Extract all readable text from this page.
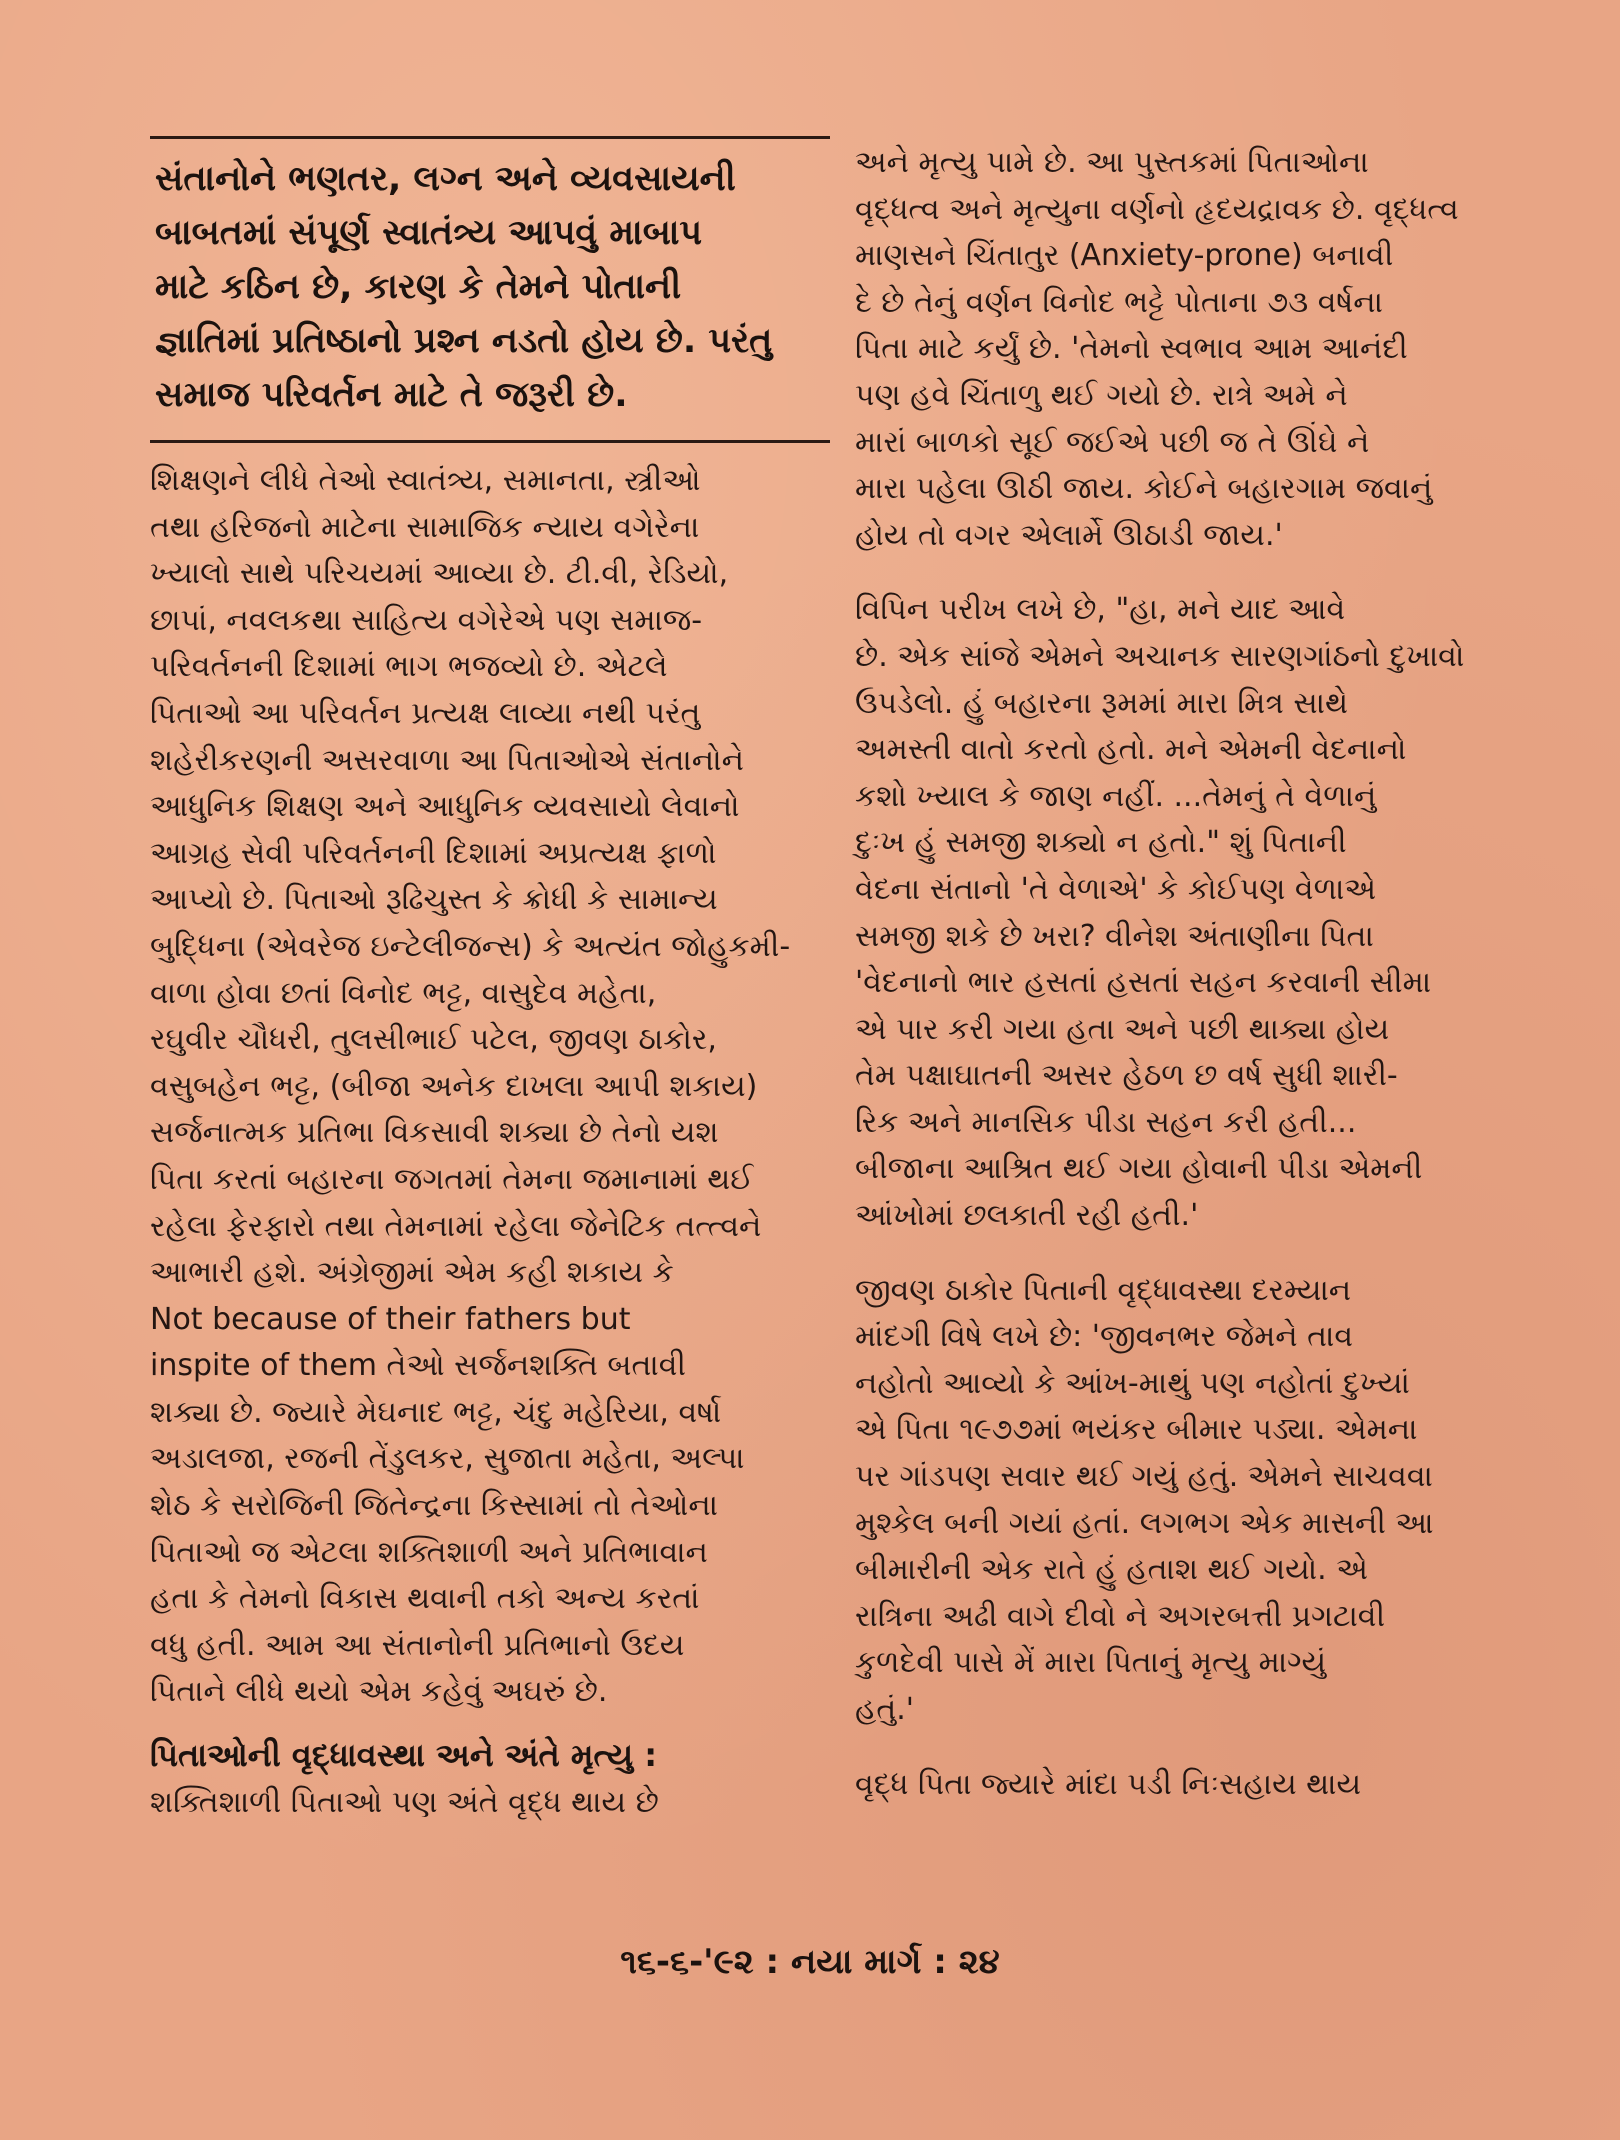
સંતાનોને ભણતર, લગ્ન અને વ્યવસાયની
બાબતમાં સંપૂર્ણ સ્વાતંત્ર્ય આપવું માબાપ
માટે કઠિન છે, કારણ કે તેમને પોતાની
જ્ઞાતિમાં પ્રતિષ્ઠાનો પ્રશ્ન નડતો હોય છે. પરંતુ
સમાજ પરિવર્તન માટે તે જરૂરી છે.

શિક્ષણને લીધે તેઓ સ્વાતંત્ર્ય, સમાનતા, સ્ત્રીઓ
તથા હરિજનો માટેના સામાજિક ન્યાય વગેરેના
ખ્યાલો સાથે પરિચયમાં આવ્યા છે. ટી.વી, રેડિયો,
છાપાં, નવલકથા સાહિત્ય વગેરેએ પણ સમાજ-
પરિવર્તનની દિશામાં ભાગ ભજવ્યો છે. એટલે
પિતાઓ આ પરિવર્તન પ્રત્યક્ષ લાવ્યા નથી પરંતુ
શહેરીકરણની અસરવાળા આ પિતાઓએ સંતાનોને
આધુનિક શિક્ષણ અને આધુનિક વ્યવસાયો લેવાનો
આગ્રહ સેવી પરિવર્તનની દિશામાં અપ્રત્યક્ષ ફાળો
આપ્યો છે. પિતાઓ રૂઢિચુસ્ત કે ક્રોધી કે સામાન્ય
બુદ્ધિના (એવરેજ ઇન્ટેલીજન્સ) કે અત્યંત જોહુકમી-
વાળા હોવા છતાં વિનોદ ભટ્ટ, વાસુદેવ મહેતા,
રઘુવીર ચૌધરી, તુલસીભાઈ પટેલ, જીવણ ઠાકોર,
વસુબહેન ભટ્ટ, (બીજા અનેક દાખલા આપી શકાય)
સર્જનાત્મક પ્રતિભા વિકસાવી શક્યા છે તેનો યશ
પિતા કરતાં બહારના જગતમાં તેમના જમાનામાં થઈ
રહેલા ફેરફારો તથા તેમનામાં રહેલા જેનેટિક તત્ત્વને
આભારી હશે. અંગ્રેજીમાં એમ કહી શકાય કે
Not because of their fathers but
inspite of them તેઓ સર્જનશક્તિ બતાવી
શક્યા છે. જ્યારે મેઘનાદ ભટ્ટ, ચંદુ મહેરિયા, વર્ષા
અડાલજા, રજની તેંડુલકર, સુજાતા મહેતા, અલ્પા
શેઠ કે સરોજિની જિતેન્દ્રના કિસ્સામાં તો તેઓના
પિતાઓ જ એટલા શક્તિશાળી અને પ્રતિભાવાન
હતા કે તેમનો વિકાસ થવાની તકો અન્ય કરતાં
વધુ હતી. આમ આ સંતાનોની પ્રતિભાનો ઉદય
પિતાને લીધે થયો એમ કહેવું અઘરું છે.

પિતાઓની વૃદ્ધાવસ્થા અને અંતે મૃત્યુ :

શક્તિશાળી પિતાઓ પણ અંતે વૃદ્ધ થાય છે

અને મૃત્યુ પામે છે. આ પુસ્તકમાં પિતાઓના
વૃદ્ધત્વ અને મૃત્યુના વર્ણનો હૃદયદ્રાવક છે. વૃદ્ધત્વ
માણસને ચિંતાતુર (Anxiety-prone) બનાવી
દે છે તેનું વર્ણન વિનોદ ભટ્ટે પોતાના ૭૩ વર્ષના
પિતા માટે કર્યું છે. 'તેમનો સ્વભાવ આમ આનંદી
પણ હવે ચિંતાળુ થઈ ગયો છે. રાત્રે અમે ને
મારાં બાળકો સૂઈ જઈએ પછી જ તે ઊંઘે ને
મારા પહેલા ઊઠી જાય. કોઈને બહારગામ જવાનું
હોય તો વગર એલાર્મે ઊઠાડી જાય.'

વિપિન પરીખ લખે છે, "હા, મને યાદ આવે
છે. એક સાંજે એમને અચાનક સારણગાંઠનો દુખાવો
ઉપડેલો. હું બહારના રૂમમાં મારા મિત્ર સાથે
અમસ્તી વાતો કરતો હતો. મને એમની વેદનાનો
કશો ખ્યાલ કે જાણ નહીં. ...તેમનું તે વેળાનું
દુઃખ હું સમજી શક્યો ન હતો." શું પિતાની
વેદના સંતાનો 'તે વેળાએ' કે કોઈપણ વેળાએ
સમજી શકે છે ખરા? વીનેશ અંતાણીના પિતા
'વેદનાનો ભાર હસતાં હસતાં સહન કરવાની સીમા
એ પાર કરી ગયા હતા અને પછી થાક્યા હોય
તેમ પક્ષાઘાતની અસર હેઠળ છ વર્ષ સુધી શારી-
રિક અને માનસિક પીડા સહન કરી હતી...
બીજાના આશ્રિત થઈ ગયા હોવાની પીડા એમની
આંખોમાં છલકાતી રહી હતી.'

જીવણ ઠાકોર પિતાની વૃદ્ધાવસ્થા દરમ્યાન
માંદગી વિષે લખે છે: 'જીવનભર જેમને તાવ
નહોતો આવ્યો કે આંખ-માથું પણ નહોતાં દુખ્યાં
એ પિતા ૧૯૭૭માં ભયંકર બીમાર પડ્યા. એમના
પર ગાંડપણ સવાર થઈ ગયું હતું. એમને સાચવવા
મુશ્કેલ બની ગયાં હતાં. લગભગ એક માસની આ
બીમારીની એક રાતે હું હતાશ થઈ ગયો. એ
રાત્રિના અઢી વાગે દીવો ને અગરબત્તી પ્રગટાવી
કુળદેવી પાસે મેં મારા પિતાનું મૃત્યુ માગ્યું
હતું.'

વૃદ્ધ પિતા જ્યારે માંદા પડી નિઃસહાય થાય

૧૬-૬-'૯૨ : નયા માર્ગ : ૨૪
